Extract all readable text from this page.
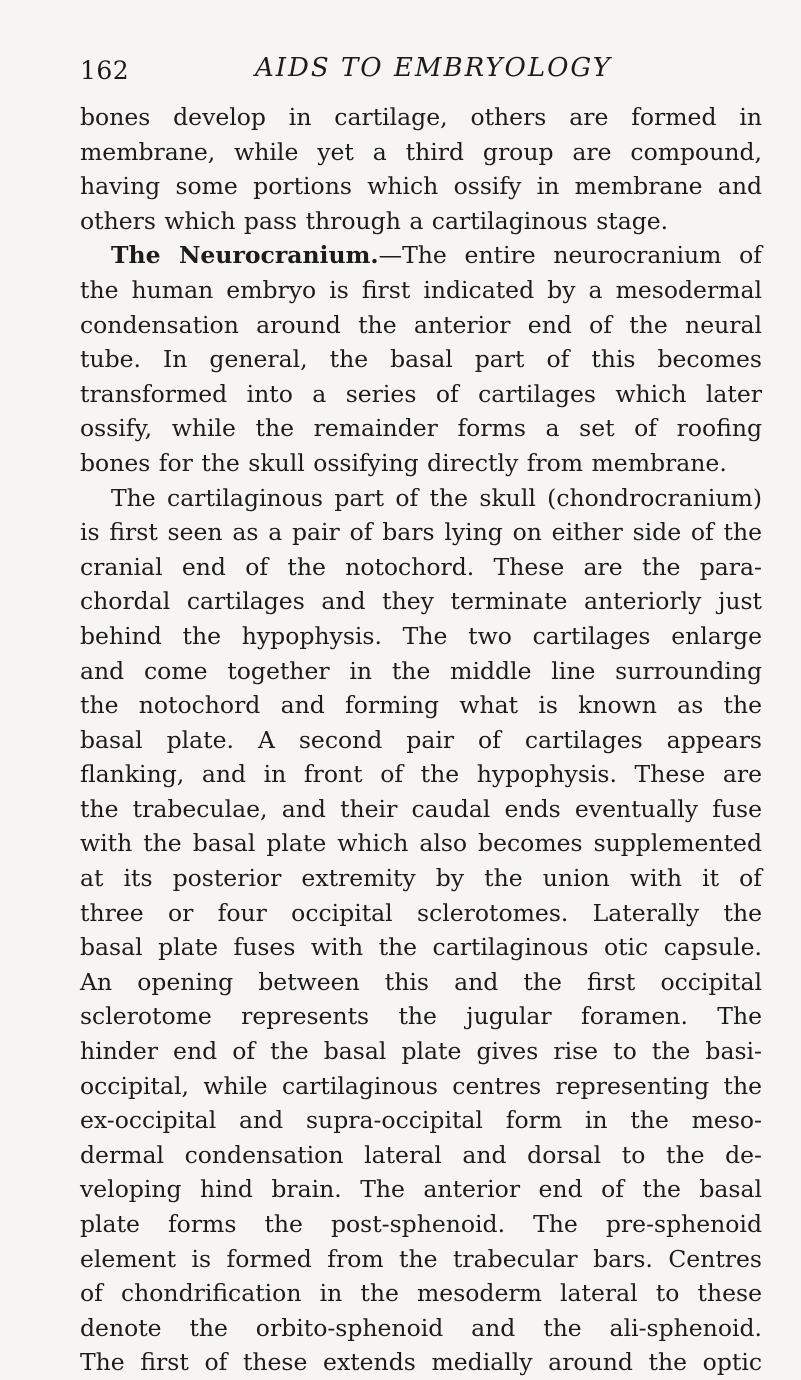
162	AIDS TO EMBRYOLOGY
bones develop in cartilage, others are formed in
membrane, while yet a third group are compound,
having some portions which ossify in membrane and
others which pass through a cartilaginous stage.
The Neurocranium.—The entire neurocranium of
the human embryo is first indicated by a mesodermal
condensation around the anterior end of the neural
tube. In general, the basal part of this becomes
transformed into a series of cartilages which later
ossify, while the remainder forms a set of roofing
bones for the skull ossifying directly from membrane.
The cartilaginous part of the skull (chondrocranium)
is first seen as a pair of bars lying on either side of the
cranial end of the notochord. These are the para-
chordal cartilages and they terminate anteriorly just
behind the hypophysis. The two cartilages enlarge
and come together in the middle line surrounding
the notochord and forming what is known as the
basal plate. A second pair of cartilages appears
flanking, and in front of the hypophysis. These are
the trabeculae, and their caudal ends eventually fuse
with the basal plate which also becomes supplemented
at its posterior extremity by the union with it of
three or four occipital sclerotomes. Laterally the
basal plate fuses with the cartilaginous otic capsule.
An opening between this and the first occipital
sclerotome represents the jugular foramen. The
hinder end of the basal plate gives rise to the basi-
occipital, while cartilaginous centres representing the
ex-occipital and supra-occipital form in the meso-
dermal condensation lateral and dorsal to the de-
veloping hind brain. The anterior end of the basal
plate forms the post-sphenoid. The pre-sphenoid
element is formed from the trabecular bars. Centres
of chondrification in the mesoderm lateral to these
denote the orbito-sphenoid and the ali-sphenoid.
The first of these extends medially around the optic
